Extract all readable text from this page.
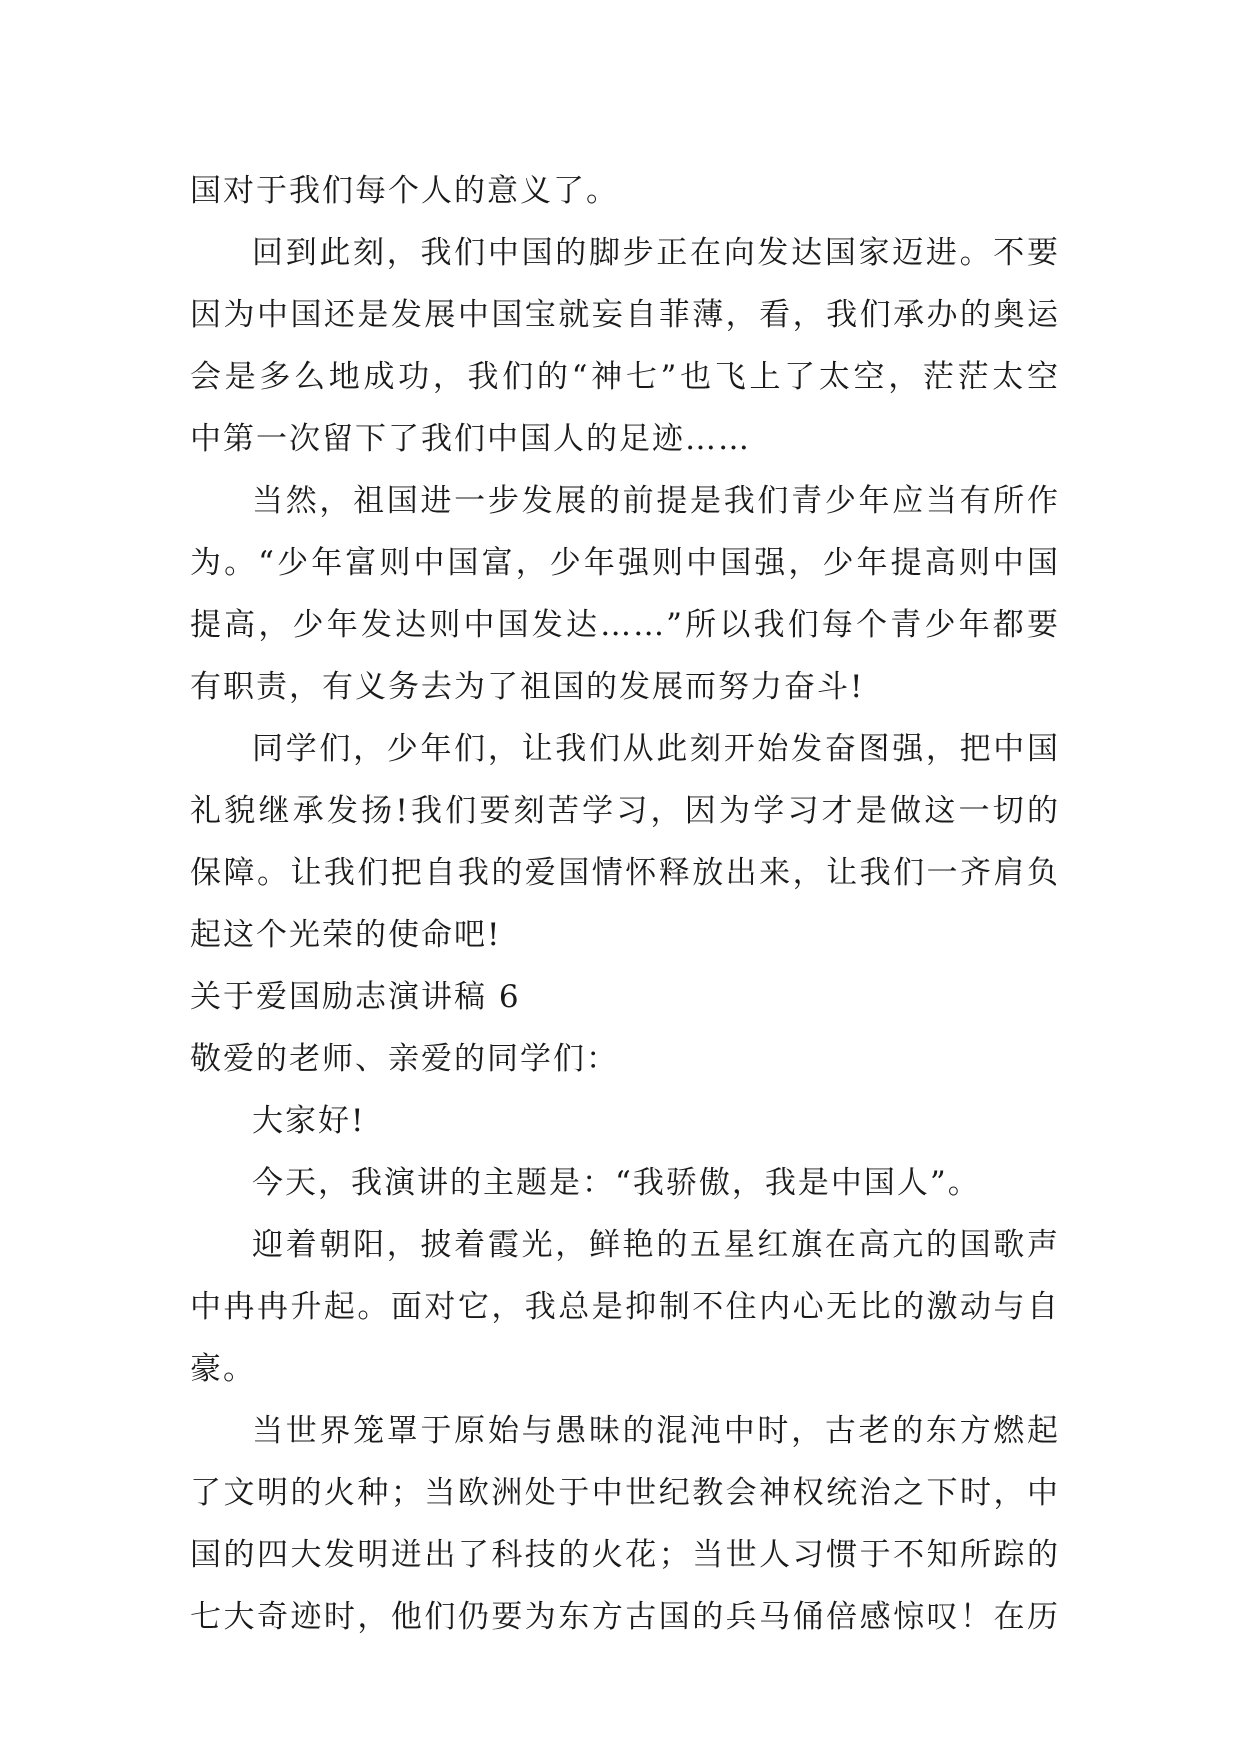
国对于我们每个人的意义了。
回到此刻，我们中国的脚步正在向发达国家迈进。不要
因为中国还是发展中国宝就妄自菲薄，看，我们承办的奥运
会是多么地成功，我们的“神七”也飞上了太空，茫茫太空
中第一次留下了我们中国人的足迹……
当然，祖国进一步发展的前提是我们青少年应当有所作
为。“少年富则中国富，少年强则中国强，少年提高则中国
提高，少年发达则中国发达……”所以我们每个青少年都要
有职责，有义务去为了祖国的发展而努力奋斗!
同学们，少年们，让我们从此刻开始发奋图强，把中国
礼貌继承发扬!我们要刻苦学习，因为学习才是做这一切的
保障。让我们把自我的爱国情怀释放出来，让我们一齐肩负
起这个光荣的使命吧!
关于爱国励志演讲稿 6
敬爱的老师、亲爱的同学们：
大家好!
今天，我演讲的主题是：“我骄傲，我是中国人”。
迎着朝阳，披着霞光，鲜艳的五星红旗在高亢的国歌声
中冉冉升起。面对它，我总是抑制不住内心无比的激动与自
豪。
当世界笼罩于原始与愚昧的混沌中时，古老的东方燃起
了文明的火种；当欧洲处于中世纪教会神权统治之下时，中
国的四大发明迸出了科技的火花；当世人习惯于不知所踪的
七大奇迹时，他们仍要为东方古国的兵马俑倍感惊叹！在历
